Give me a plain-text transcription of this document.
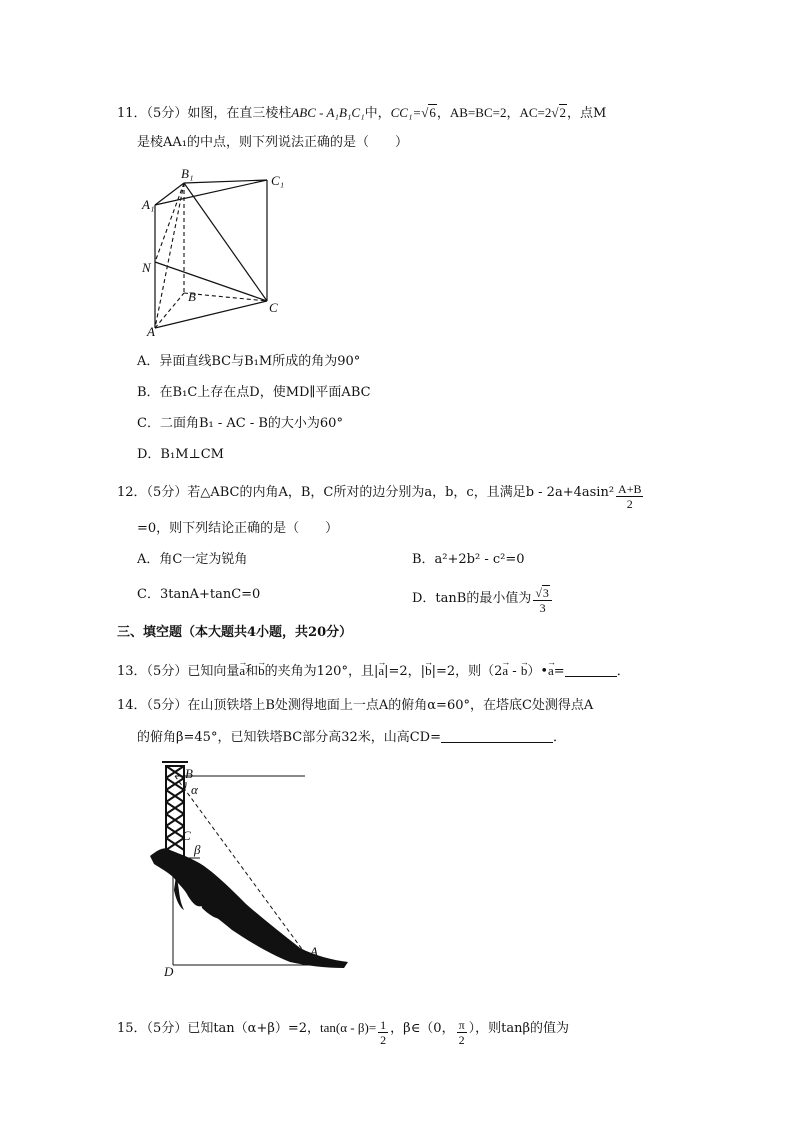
11．（5分）如图，在直三棱柱ABC - A₁B₁C₁中，CC₁=√6，AB=BC=2，AC=2√2，点M
是棱AA₁的中点，则下列说法正确的是（　　）
B₁	C₁
A₁
N
B
C
A
A．异面直线BC与B₁M所成的角为90°
B．在B₁C上存在点D，使MD∥平面ABC
C．二面角B₁ - AC - B的大小为60°
D．B₁M⊥CM
12．（5分）若△ABC的内角A，B，C所对的边分别为a，b，c，且满足$b - 2a+4asin^2 \frac{A+B}{2}$
=0，则下列结论正确的是（　　）
A．角C一定为锐角	B．a²+2b² - c²=0
C．3tanA+tanC=0	D．tanB的最小值为 $\frac{√3}{3}$
三、填空题（本大题共4小题，共20分）
13．（5分）已知向量→ a和→ b的夹角为120°，且|→ a|=2，|→ b|=2，则（2→ a - → b）•→ a=	．
14．（5分）在山顶铁塔上B处测得地面上一点A的俯角α=60°，在塔底C处测得点A
的俯角β=45°，已知铁塔BC部分高32米，山高CD=	．
B
α
C
β
A
D
15．（5分）已知tan（α+β）=2，$\tan(\alpha - \beta)= \frac{1}{2}$ ，β∈（0， $\frac{\pi}{2}$ ），则tanβ的值为
